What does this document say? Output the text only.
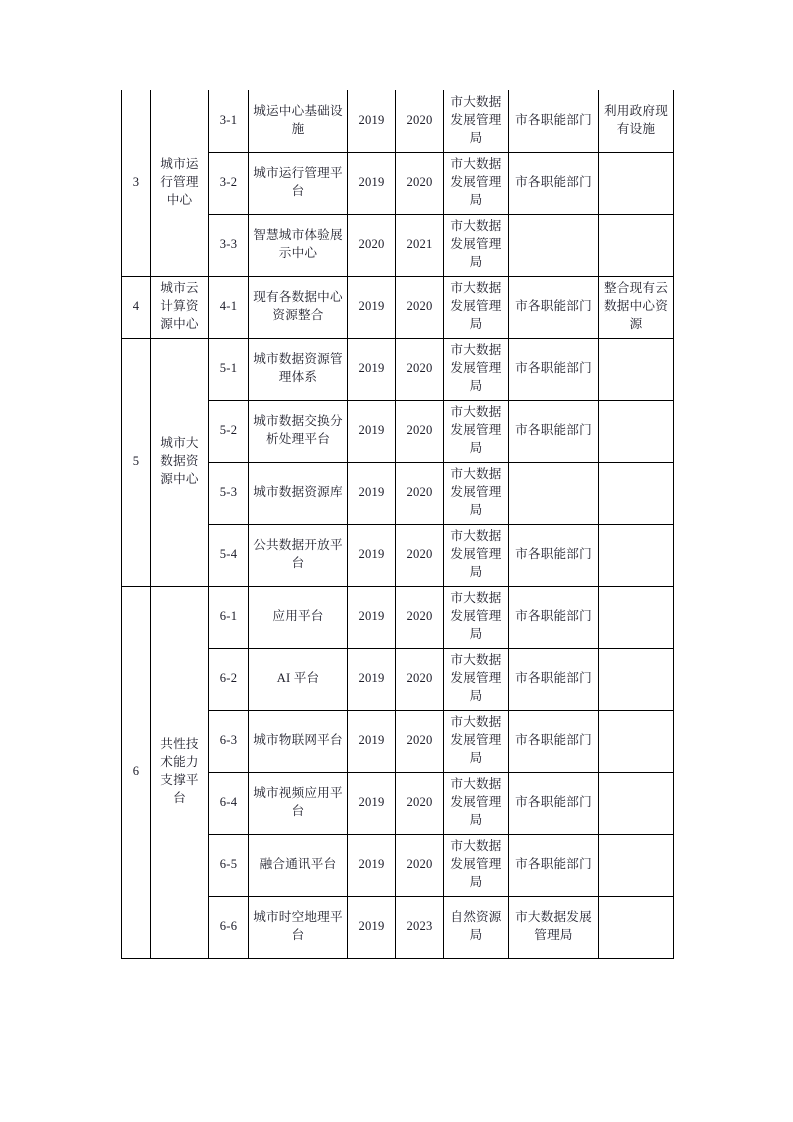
3	城市运行管理中心	3-1	城运中心基础设施	2019	2020	市大数据发展管理局	市各职能部门	利用政府现有设施
		3-2	城市运行管理平台	2019	2020	市大数据发展管理局	市各职能部门	
		3-3	智慧城市体验展示中心	2020	2021	市大数据发展管理局		
4	城市云计算资源中心	4-1	现有各数据中心资源整合	2019	2020	市大数据发展管理局	市各职能部门	整合现有云数据中心资源
5	城市大数据资源中心	5-1	城市数据资源管理体系	2019	2020	市大数据发展管理局	市各职能部门	
		5-2	城市数据交换分析处理平台	2019	2020	市大数据发展管理局	市各职能部门	
		5-3	城市数据资源库	2019	2020	市大数据发展管理局		
		5-4	公共数据开放平台	2019	2020	市大数据发展管理局	市各职能部门	
6	共性技术能力支撑平台	6-1	应用平台	2019	2020	市大数据发展管理局	市各职能部门	
		6-2	AI 平台	2019	2020	市大数据发展管理局	市各职能部门	
		6-3	城市物联网平台	2019	2020	市大数据发展管理局	市各职能部门	
		6-4	城市视频应用平台	2019	2020	市大数据发展管理局	市各职能部门	
		6-5	融合通讯平台	2019	2020	市大数据发展管理局	市各职能部门	
		6-6	城市时空地理平台	2019	2023	自然资源局	市大数据发展管理局	
